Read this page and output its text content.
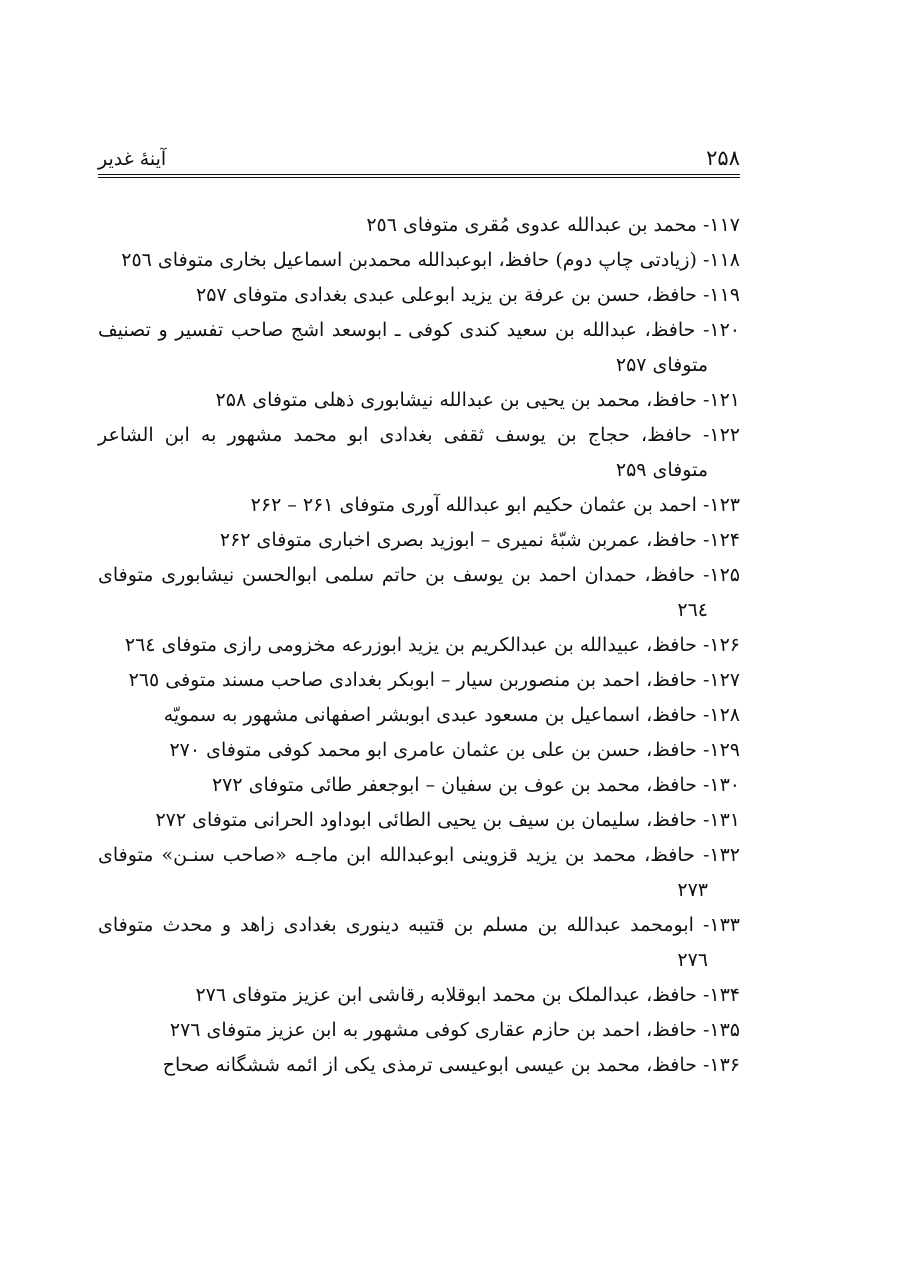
۲۵۸
آینهٔ غدیر

۱۱۷- محمد بن عبدالله عدوی مُقری متوفای ٢٥٦

۱۱۸- (زیادتی چاپ دوم) حافظ، ابوعبدالله محمدبن اسماعیل بخاری متوفای ٢٥٦

۱۱۹- حافظ، حسن بن عرفة بن یزید ابوعلی عبدی بغدادی متوفای ۲۵۷

۱۲۰- حافظ، عبدالله بن سعید کندی کوفی ـ ابوسعد اشج صاحب تفسیر و تصنیف متوفای ۲۵۷

۱۲۱- حافظ، محمد بن یحیی بن عبدالله نیشابوری ذهلی متوفای ۲۵۸

۱۲۲- حافظ، حجاج بن یوسف ثقفی بغدادی ابو محمد مشهور به ابن الشاعر متوفای ۲۵۹

۱۲۳- احمد بن عثمان حکیم ابو عبدالله آوری متوفای ۲۶۱ – ۲۶۲

۱۲۴- حافظ، عمربن شبّهٔ نمیری – ابوزید بصری اخباری متوفای ۲۶۲

۱۲۵- حافظ، حمدان احمد بن یوسف بن حاتم سلمی ابوالحسن نیشابوری متوفای ٢٦٤

۱۲۶- حافظ، عبیدالله بن عبدالکریم بن یزید ابوزرعه مخزومی رازی متوفای ٢٦٤

۱۲۷- حافظ، احمد بن منصوربن سیار – ابوبکر بغدادی صاحب مسند متوفی ٢٦٥

۱۲۸- حافظ، اسماعیل بن مسعود عبدی ابوبشر اصفهانی مشهور به سمویّه

۱۲۹- حافظ، حسن بن علی بن عثمان عامری ابو محمد کوفی متوفای ۲۷۰

۱۳۰- حافظ، محمد بن عوف بن سفیان – ابوجعفر طائی متوفای ۲۷۲

۱۳۱- حافظ، سلیمان بن سیف بن یحیی الطائی ابوداود الحرانی متوفای ۲۷۲

۱۳۲- حافظ، محمد بن یزید قزوینی ابوعبدالله ابن ماجـه «صاحب سنـن» متوفای ۲۷۳

۱۳۳- ابومحمد عبدالله بن مسلم بن قتیبه دینوری بغدادی زاهد و محدث متوفای ٢٧٦

۱۳۴- حافظ، عبدالملک بن محمد ابوقلابه رقاشی ابن عزیز متوفای ٢٧٦

۱۳۵- حافظ، احمد بن حازم عقاری کوفی مشهور به ابن عزیز متوفای ٢٧٦

۱۳۶- حافظ، محمد بن عیسی ابوعیسی ترمذی یکی از ائمه ششگانه صحاح
